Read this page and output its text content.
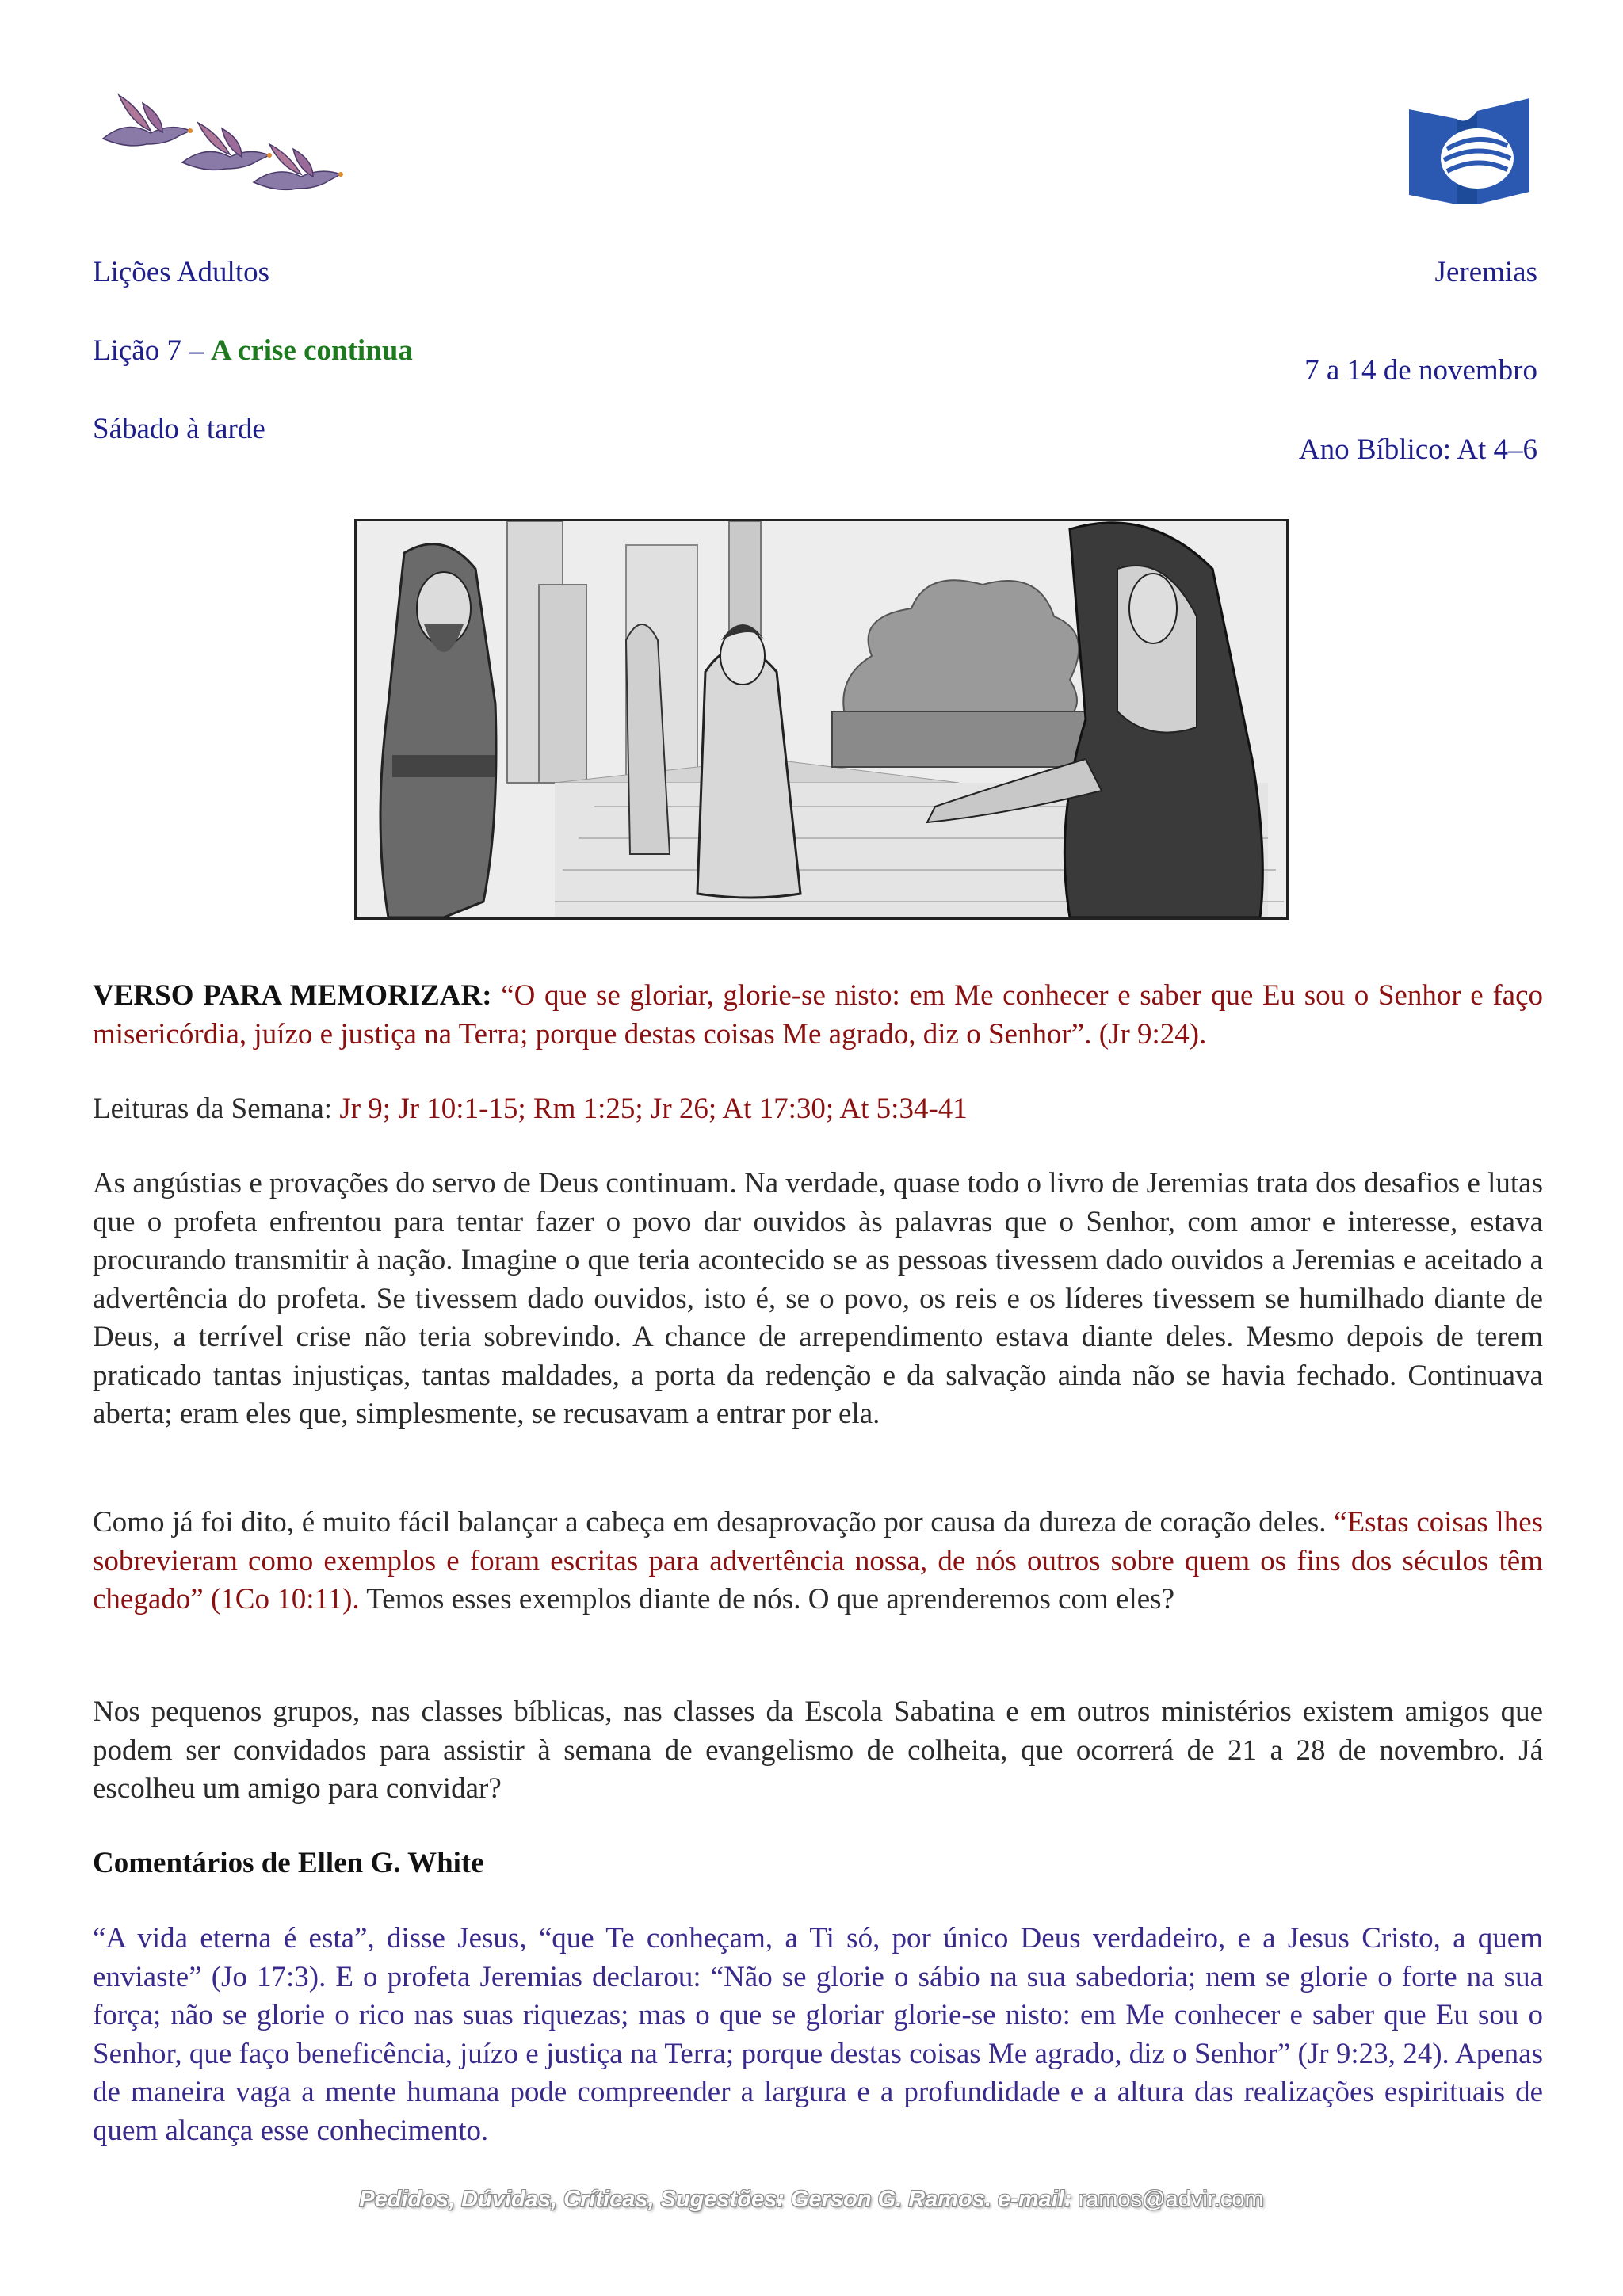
Lições Adultos
Lição 7 – A crise continua
Sábado à tarde
Jeremias
7 a 14 de novembro
Ano Bíblico: At 4–6
VERSO PARA MEMORIZAR: “O que se gloriar, glorie-se nisto: em Me conhecer e saber que Eu sou o Senhor e faço misericórdia, juízo e justiça na Terra; porque destas coisas Me agrado, diz o Senhor”. (Jr 9:24).
Leituras da Semana: Jr 9; Jr 10:1-15; Rm 1:25; Jr 26; At 17:30; At 5:34-41
As angústias e provações do servo de Deus continuam. Na verdade, quase todo o livro de Jeremias trata dos desafios e lutas que o profeta enfrentou para tentar fazer o povo dar ouvidos às palavras que o Senhor, com amor e interesse, estava procurando transmitir à nação. Imagine o que teria acontecido se as pessoas tivessem dado ouvidos a Jeremias e aceitado a advertência do profeta. Se tivessem dado ouvidos, isto é, se o povo, os reis e os líderes tivessem se humilhado diante de Deus, a terrível crise não teria sobrevindo. A chance de arrependimento estava diante deles. Mesmo depois de terem praticado tantas injustiças, tantas maldades, a porta da redenção e da salvação ainda não se havia fechado. Continuava aberta; eram eles que, simplesmente, se recusavam a entrar por ela.
Como já foi dito, é muito fácil balançar a cabeça em desaprovação por causa da dureza de coração deles. “Estas coisas lhes sobrevieram como exemplos e foram escritas para advertência nossa, de nós outros sobre quem os fins dos séculos têm chegado” (1Co 10:11). Temos esses exemplos diante de nós. O que aprenderemos com eles?
Nos pequenos grupos, nas classes bíblicas, nas classes da Escola Sabatina e em outros ministérios existem amigos que podem ser convidados para assistir à semana de evangelismo de colheita, que ocorrerá de 21 a 28 de novembro. Já escolheu um amigo para convidar?
Comentários de Ellen G. White
“A vida eterna é esta”, disse Jesus, “que Te conheçam, a Ti só, por único Deus verdadeiro, e a Jesus Cristo, a quem enviaste” (Jo 17:3). E o profeta Jeremias declarou: “Não se glorie o sábio na sua sabedoria; nem se glorie o forte na sua força; não se glorie o rico nas suas riquezas; mas o que se gloriar glorie-se nisto: em Me conhecer e saber que Eu sou o Senhor, que faço beneficência, juízo e justiça na Terra; porque destas coisas Me agrado, diz o Senhor” (Jr 9:23, 24). Apenas de maneira vaga a mente humana pode compreender a largura e a profundidade e a altura das realizações espirituais de quem alcança esse conhecimento.
Pedidos, Dúvidas, Críticas, Sugestões: Gerson G. Ramos. e-mail: ramos@advir.com
